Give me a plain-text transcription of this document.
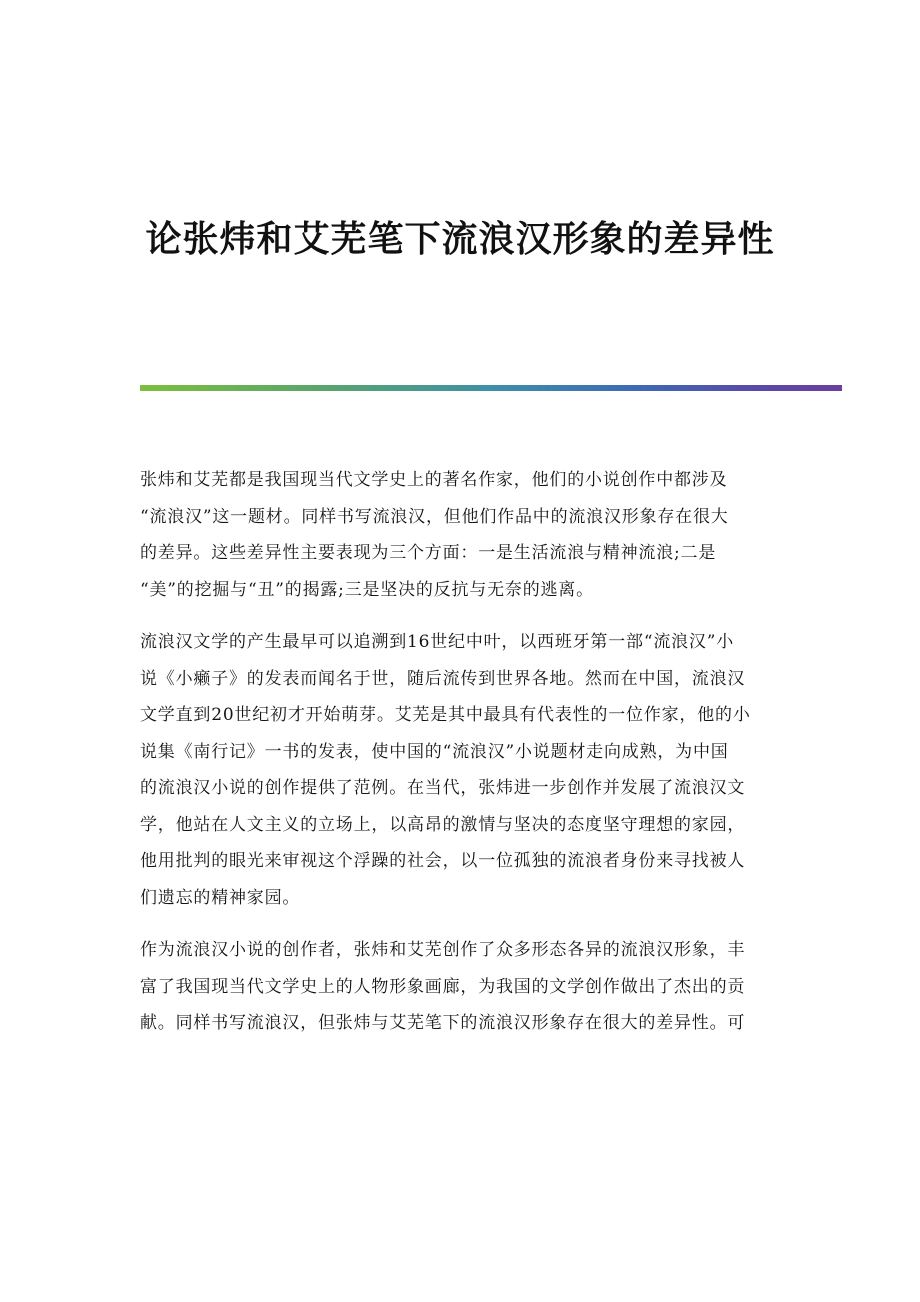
论张炜和艾芜笔下流浪汉形象的差异性
张炜和艾芜都是我国现当代文学史上的著名作家，他们的小说创作中都涉及
“流浪汉”这一题材。同样书写流浪汉，但他们作品中的流浪汉形象存在很大
的差异。这些差异性主要表现为三个方面：一是生活流浪与精神流浪;二是
“美”的挖掘与“丑”的揭露;三是坚决的反抗与无奈的逃离。
流浪汉文学的产生最早可以追溯到16世纪中叶，以西班牙第一部“流浪汉”小
说《小癞子》的发表而闻名于世，随后流传到世界各地。然而在中国，流浪汉
文学直到20世纪初才开始萌芽。艾芜是其中最具有代表性的一位作家，他的小
说集《南行记》一书的发表，使中国的“流浪汉”小说题材走向成熟，为中国
的流浪汉小说的创作提供了范例。在当代，张炜进一步创作并发展了流浪汉文
学，他站在人文主义的立场上，以高昂的激情与坚决的态度坚守理想的家园，
他用批判的眼光来审视这个浮躁的社会，以一位孤独的流浪者身份来寻找被人
们遗忘的精神家园。
作为流浪汉小说的创作者，张炜和艾芜创作了众多形态各异的流浪汉形象，丰
富了我国现当代文学史上的人物形象画廊，为我国的文学创作做出了杰出的贡
献。同样书写流浪汉，但张炜与艾芜笔下的流浪汉形象存在很大的差异性。可
